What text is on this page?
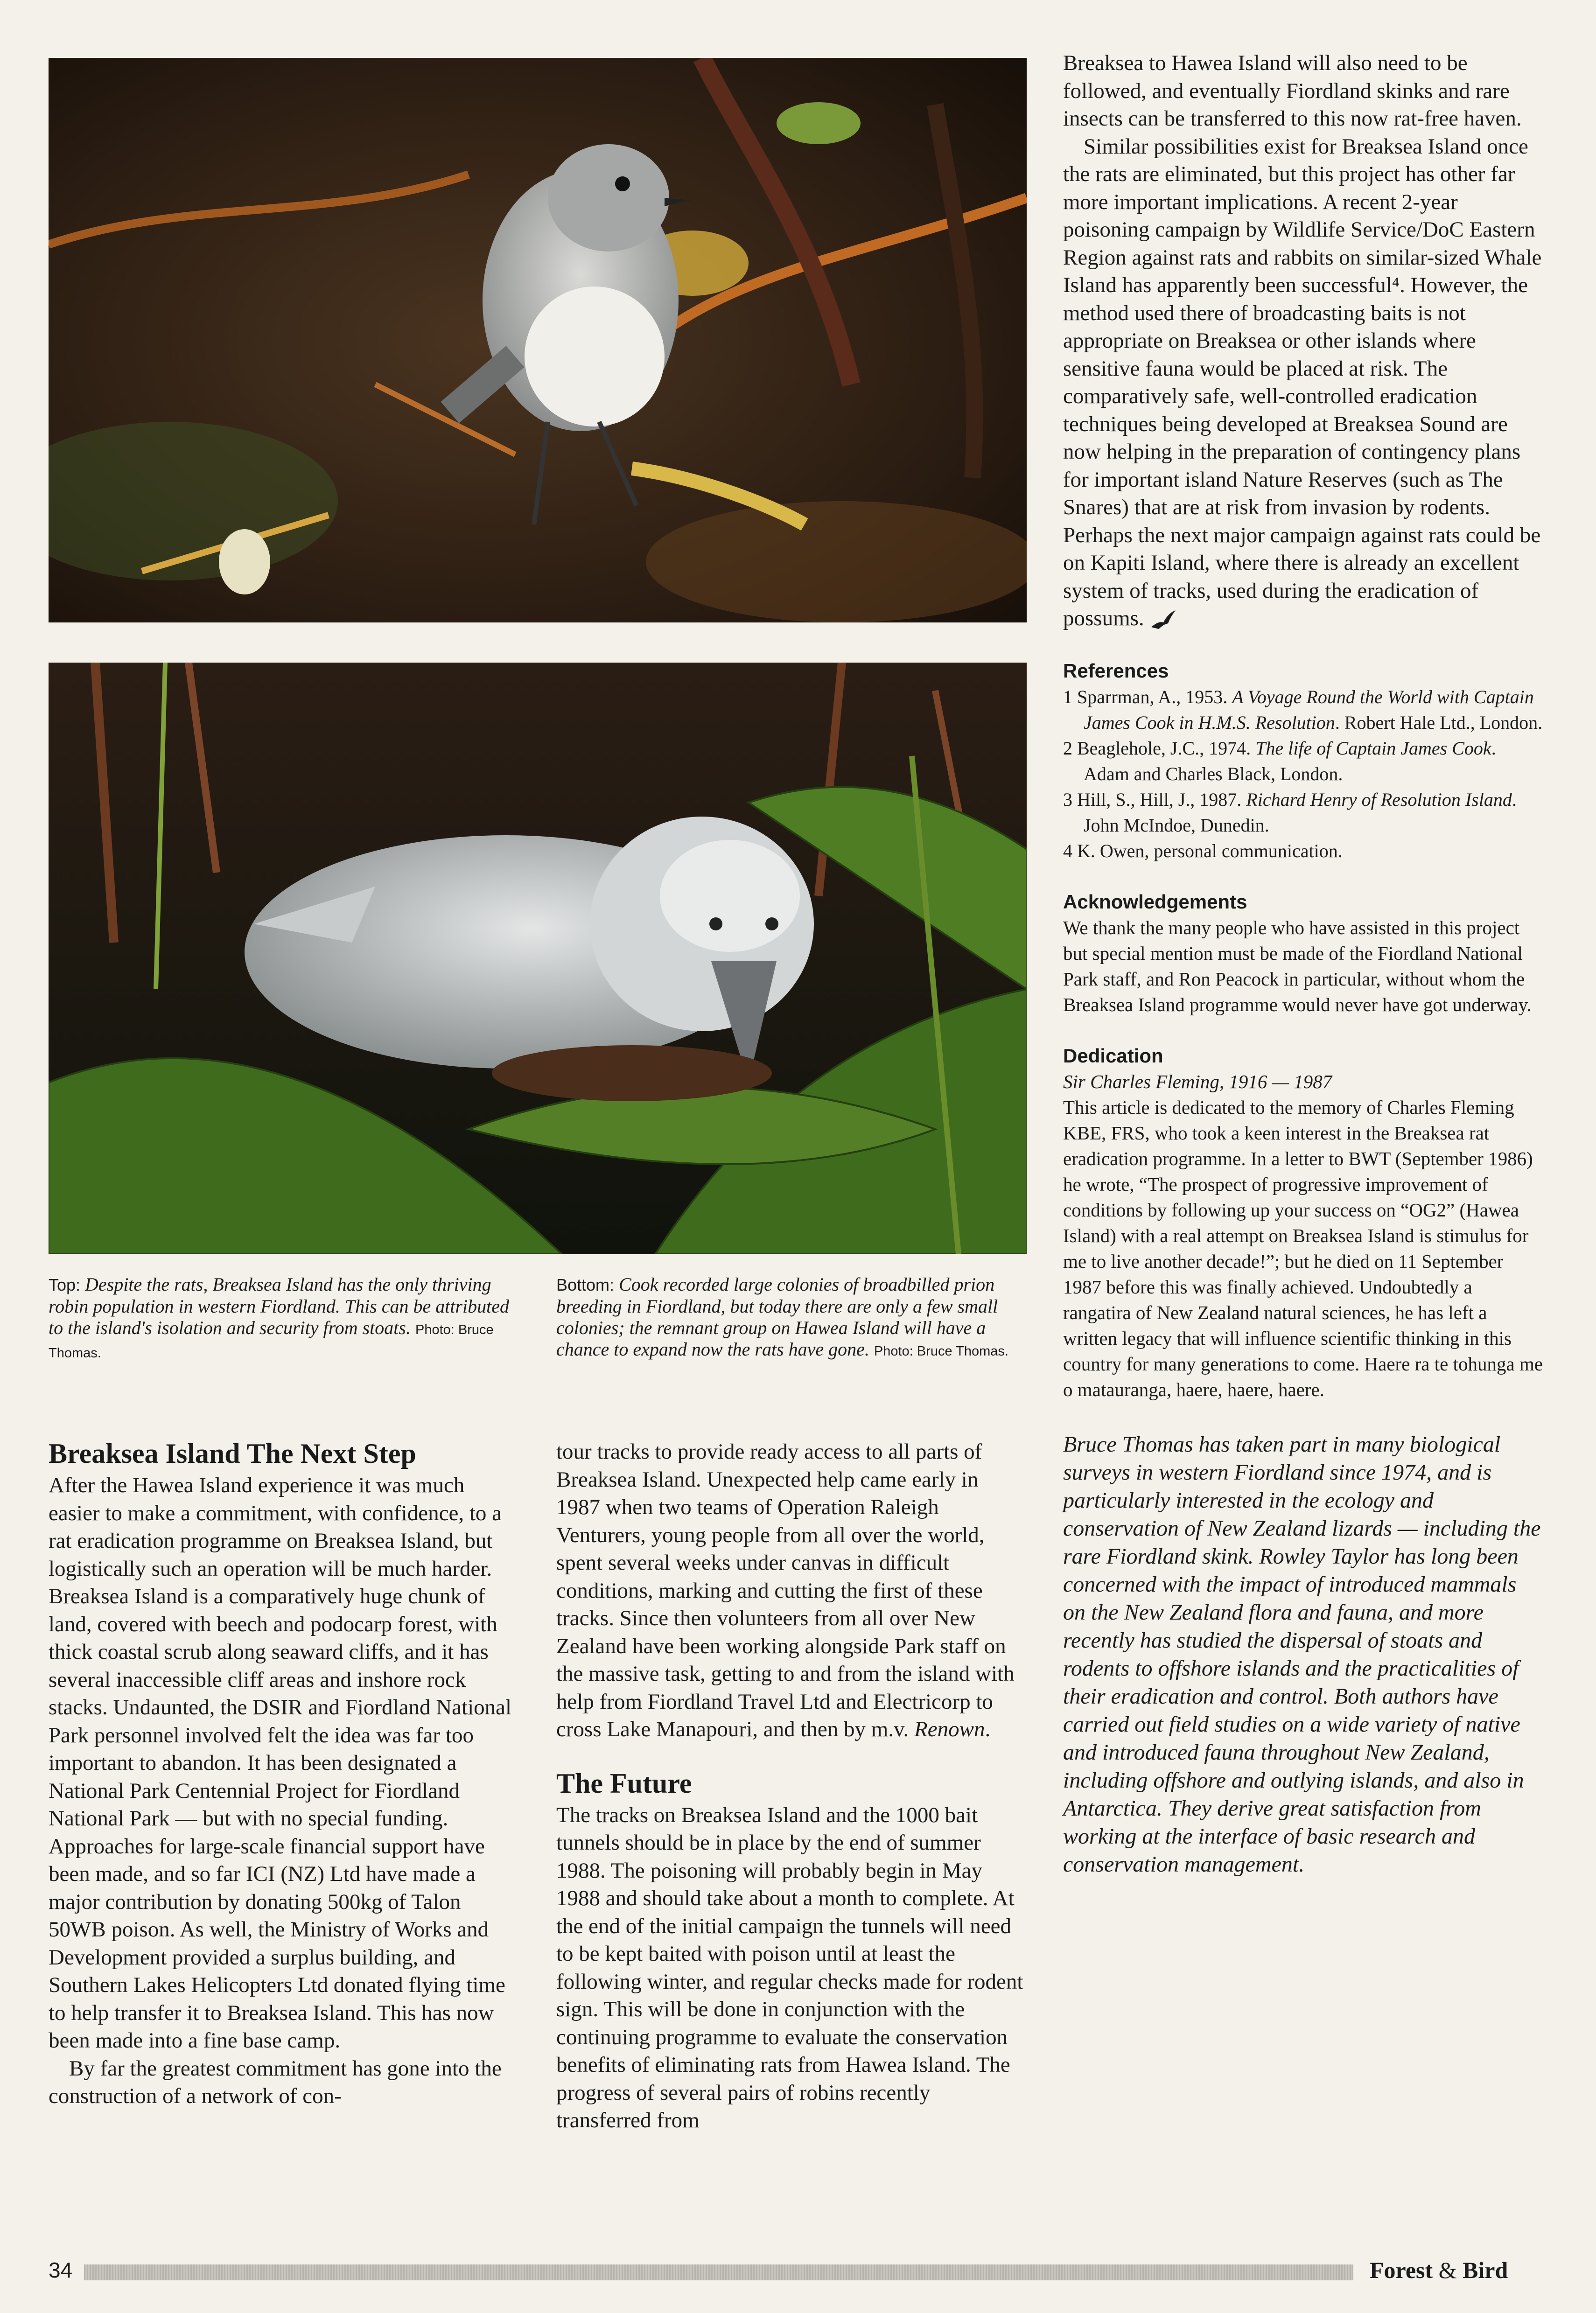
Top: Despite the rats, Breaksea Island has the only thriving robin population in western Fiordland. This can be attributed to the island's isolation and security from stoats. Photo: Bruce Thomas.
Bottom: Cook recorded large colonies of broadbilled prion breeding in Fiordland, but today there are only a few small colonies; the remnant group on Hawea Island will have a chance to expand now the rats have gone. Photo: Bruce Thomas.
Breaksea Island The Next Step

After the Hawea Island experience it was much easier to make a commitment, with confidence, to a rat eradication programme on Breaksea Island, but logistically such an operation will be much harder. Breaksea Island is a comparatively huge chunk of land, covered with beech and podocarp forest, with thick coastal scrub along seaward cliffs, and it has several inaccessible cliff areas and inshore rock stacks. Undaunted, the DSIR and Fiordland National Park personnel involved felt the idea was far too important to abandon. It has been designated a National Park Centennial Project for Fiordland National Park — but with no special funding. Approaches for large-scale financial support have been made, and so far ICI (NZ) Ltd have made a major contribution by donating 500kg of Talon 50WB poison. As well, the Ministry of Works and Development provided a surplus building, and Southern Lakes Helicopters Ltd donated flying time to help transfer it to Breaksea Island. This has now been made into a fine base camp.

By far the greatest commitment has gone into the construction of a network of con-

tour tracks to provide ready access to all parts of Breaksea Island. Unexpected help came early in 1987 when two teams of Operation Raleigh Venturers, young people from all over the world, spent several weeks under canvas in difficult conditions, marking and cutting the first of these tracks. Since then volunteers from all over New Zealand have been working alongside Park staff on the massive task, getting to and from the island with help from Fiordland Travel Ltd and Electricorp to cross Lake Manapouri, and then by m.v. Renown.

The Future

The tracks on Breaksea Island and the 1000 bait tunnels should be in place by the end of summer 1988. The poisoning will probably begin in May 1988 and should take about a month to complete. At the end of the initial campaign the tunnels will need to be kept baited with poison until at least the following winter, and regular checks made for rodent sign. This will be done in conjunction with the continuing programme to evaluate the conservation benefits of eliminating rats from Hawea Island. The progress of several pairs of robins recently transferred from

Breaksea to Hawea Island will also need to be followed, and eventually Fiordland skinks and rare insects can be transferred to this now rat-free haven.

Similar possibilities exist for Breaksea Island once the rats are eliminated, but this project has other far more important implications. A recent 2-year poisoning campaign by Wildlife Service/DoC Eastern Region against rats and rabbits on similar-sized Whale Island has apparently been successful⁴. However, the method used there of broadcasting baits is not appropriate on Breaksea or other islands where sensitive fauna would be placed at risk. The comparatively safe, well-controlled eradication techniques being developed at Breaksea Sound are now helping in the preparation of contingency plans for important island Nature Reserves (such as The Snares) that are at risk from invasion by rodents. Perhaps the next major campaign against rats could be on Kapiti Island, where there is already an excellent system of tracks, used during the eradication of possums.

References
1 Sparrman, A., 1953. A Voyage Round the World with Captain James Cook in H.M.S. Resolution. Robert Hale Ltd., London.
2 Beaglehole, J.C., 1974. The life of Captain James Cook. Adam and Charles Black, London.
3 Hill, S., Hill, J., 1987. Richard Henry of Resolution Island. John McIndoe, Dunedin.
4 K. Owen, personal communication.
Acknowledgements

We thank the many people who have assisted in this project but special mention must be made of the Fiordland National Park staff, and Ron Peacock in particular, without whom the Breaksea Island programme would never have got underway.

Dedication

Sir Charles Fleming, 1916 — 1987

This article is dedicated to the memory of Charles Fleming KBE, FRS, who took a keen interest in the Breaksea rat eradication programme. In a letter to BWT (September 1986) he wrote, “The prospect of progressive improvement of conditions by following up your success on “OG2” (Hawea Island) with a real attempt on Breaksea Island is stimulus for me to live another decade!”; but he died on 11 September 1987 before this was finally achieved. Undoubtedly a rangatira of New Zealand natural sciences, he has left a written legacy that will influence scientific thinking in this country for many generations to come. Haere ra te tohunga me o matauranga, haere, haere, haere.

Bruce Thomas has taken part in many biological surveys in western Fiordland since 1974, and is particularly interested in the ecology and conservation of New Zealand lizards — including the rare Fiordland skink. Rowley Taylor has long been concerned with the impact of introduced mammals on the New Zealand flora and fauna, and more recently has studied the dispersal of stoats and rodents to offshore islands and the practicalities of their eradication and control. Both authors have carried out field studies on a wide variety of native and introduced fauna throughout New Zealand, including offshore and outlying islands, and also in Antarctica. They derive great satisfaction from working at the interface of basic research and conservation management.

34	Forest & Bird
